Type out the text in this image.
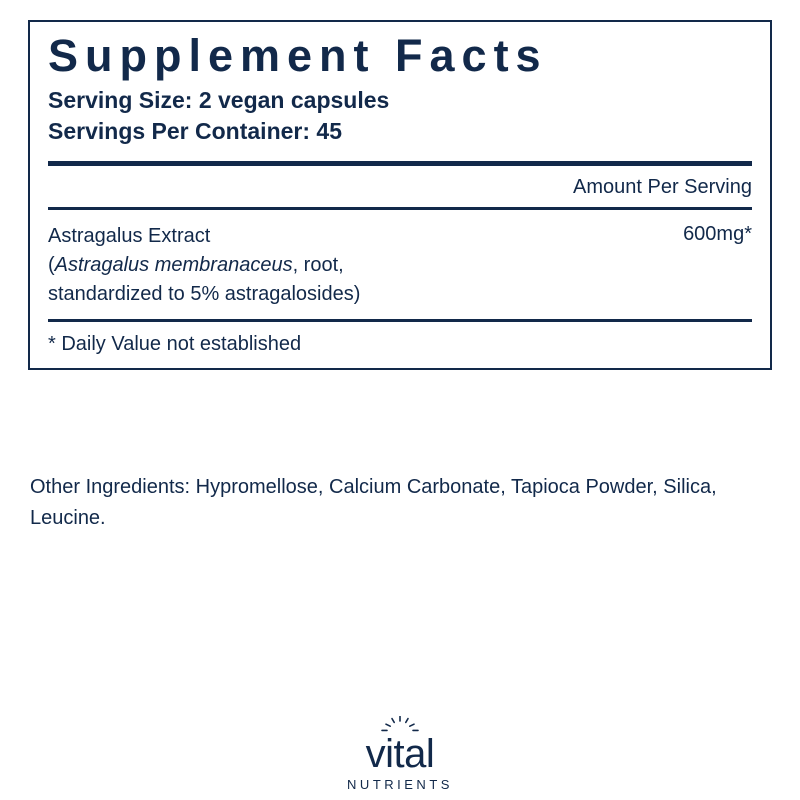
Supplement Facts
Serving Size: 2 vegan capsules
Servings Per Container: 45
Amount Per Serving
Astragalus Extract
(Astragalus membranaceus, root,
standardized to 5% astragalosides)
600mg*
* Daily Value not established
Other Ingredients: Hypromellose, Calcium Carbonate, Tapioca Powder, Silica, Leucine.
vital
NUTRIENTS
